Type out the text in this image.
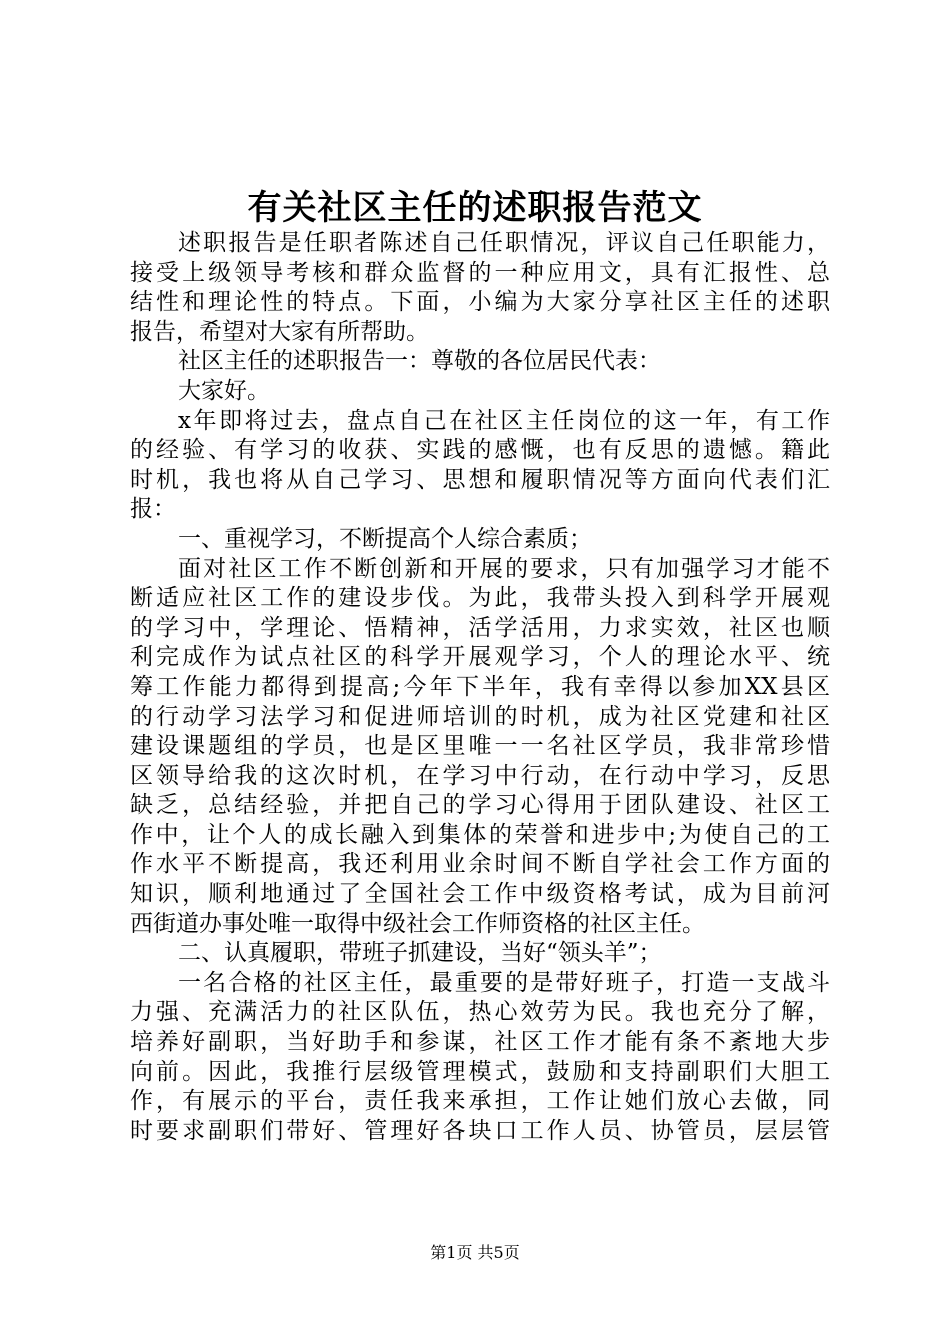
有关社区主任的述职报告范文
述职报告是任职者陈述自己任职情况，评议自己任职能力，
接受上级领导考核和群众监督的一种应用文，具有汇报性、总
结性和理论性的特点。下面，小编为大家分享社区主任的述职
报告，希望对大家有所帮助。
社区主任的述职报告一：尊敬的各位居民代表：
大家好。
x年即将过去，盘点自己在社区主任岗位的这一年，有工作
的经验、有学习的收获、实践的感慨，也有反思的遗憾。籍此
时机，我也将从自己学习、思想和履职情况等方面向代表们汇
报：
一、重视学习，不断提高个人综合素质；
面对社区工作不断创新和开展的要求，只有加强学习才能不
断适应社区工作的建设步伐。为此，我带头投入到科学开展观
的学习中，学理论、悟精神，活学活用，力求实效，社区也顺
利完成作为试点社区的科学开展观学习，个人的理论水平、统
筹工作能力都得到提高;今年下半年，我有幸得以参加XX县区
的行动学习法学习和促进师培训的时机，成为社区党建和社区
建设课题组的学员，也是区里唯一一名社区学员，我非常珍惜
区领导给我的这次时机，在学习中行动，在行动中学习，反思
缺乏，总结经验，并把自己的学习心得用于团队建设、社区工
作中，让个人的成长融入到集体的荣誉和进步中;为使自己的工
作水平不断提高，我还利用业余时间不断自学社会工作方面的
知识，顺利地通过了全国社会工作中级资格考试，成为目前河
西街道办事处唯一取得中级社会工作师资格的社区主任。
二、认真履职，带班子抓建设，当好“领头羊”；
一名合格的社区主任，最重要的是带好班子，打造一支战斗
力强、充满活力的社区队伍，热心效劳为民。我也充分了解，
培养好副职，当好助手和参谋，社区工作才能有条不紊地大步
向前。因此，我推行层级管理模式，鼓励和支持副职们大胆工
作，有展示的平台，责任我来承担，工作让她们放心去做，同
时要求副职们带好、管理好各块口工作人员、协管员，层层管
第1页 共5页
